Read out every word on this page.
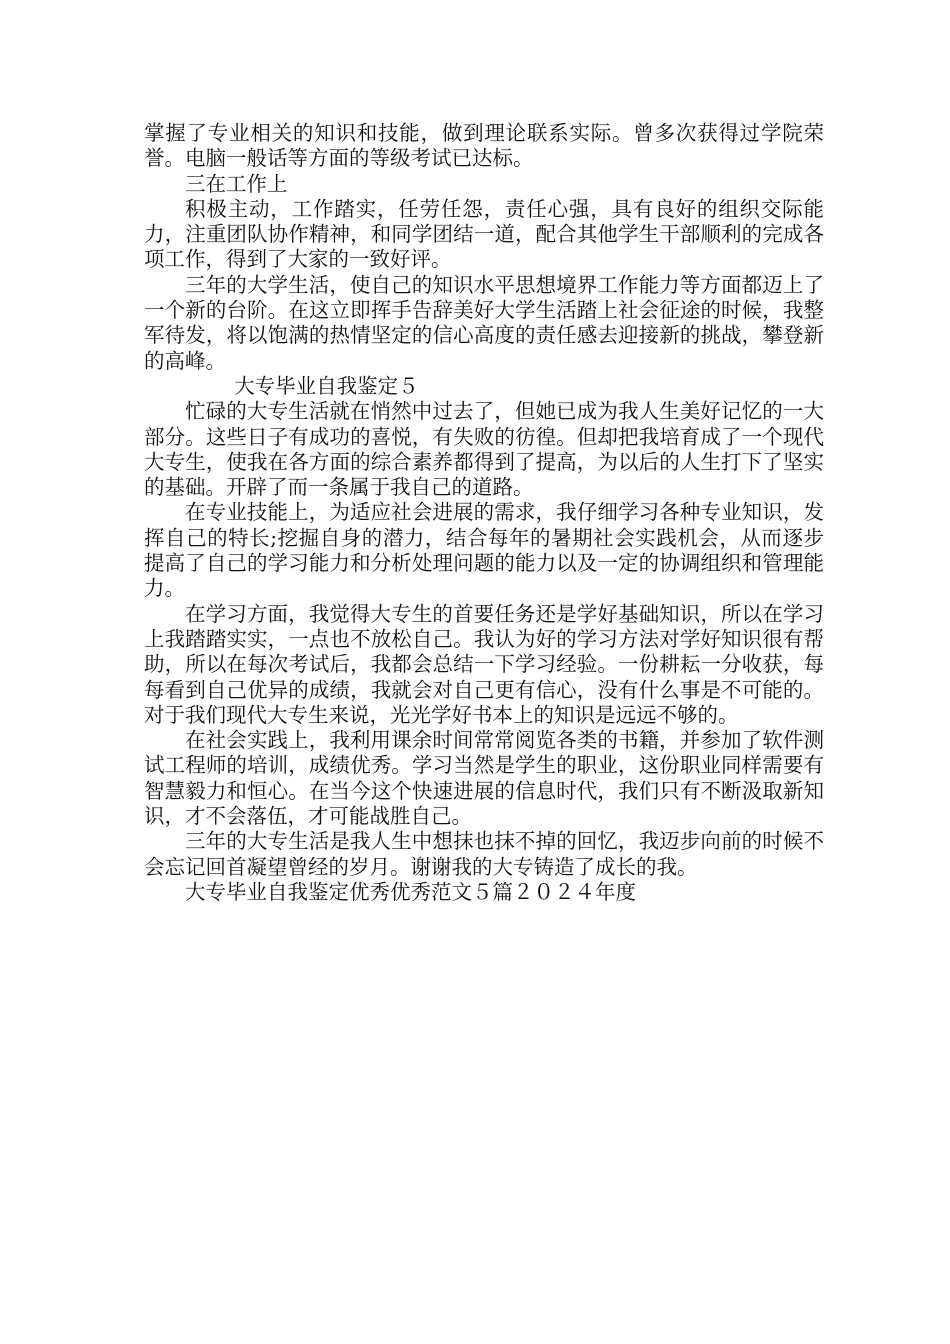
掌握了专业相关的知识和技能，做到理论联系实际。曾多次获得过学院荣誉。电脑一般话等方面的等级考试已达标。

三在工作上

积极主动，工作踏实，任劳任怨，责任心强，具有良好的组织交际能力，注重团队协作精神，和同学团结一道，配合其他学生干部顺利的完成各项工作，得到了大家的一致好评。

三年的大学生活，使自己的知识水平思想境界工作能力等方面都迈上了一个新的台阶。在这立即挥手告辞美好大学生活踏上社会征途的时候，我整军待发，将以饱满的热情坚定的信心高度的责任感去迎接新的挑战，攀登新的高峰。

大专毕业自我鉴定５

忙碌的大专生活就在悄然中过去了，但她已成为我人生美好记忆的一大部分。这些日子有成功的喜悦，有失败的彷徨。但却把我培育成了一个现代大专生，使我在各方面的综合素养都得到了提高，为以后的人生打下了坚实的基础。开辟了而一条属于我自己的道路。

在专业技能上，为适应社会进展的需求，我仔细学习各种专业知识，发挥自己的特长;挖掘自身的潜力，结合每年的暑期社会实践机会，从而逐步提高了自己的学习能力和分析处理问题的能力以及一定的协调组织和管理能力。

在学习方面，我觉得大专生的首要任务还是学好基础知识，所以在学习上我踏踏实实，一点也不放松自己。我认为好的学习方法对学好知识很有帮助，所以在每次考试后，我都会总结一下学习经验。一份耕耘一分收获，每每看到自己优异的成绩，我就会对自己更有信心，没有什么事是不可能的。对于我们现代大专生来说，光光学好书本上的知识是远远不够的。

在社会实践上，我利用课余时间常常阅览各类的书籍，并参加了软件测试工程师的培训，成绩优秀。学习当然是学生的职业，这份职业同样需要有智慧毅力和恒心。在当今这个快速进展的信息时代，我们只有不断汲取新知识，才不会落伍，才可能战胜自己。

三年的大专生活是我人生中想抹也抹不掉的回忆，我迈步向前的时候不会忘记回首凝望曾经的岁月。谢谢我的大专铸造了成长的我。

大专毕业自我鉴定优秀优秀范文５篇２０２４年度
